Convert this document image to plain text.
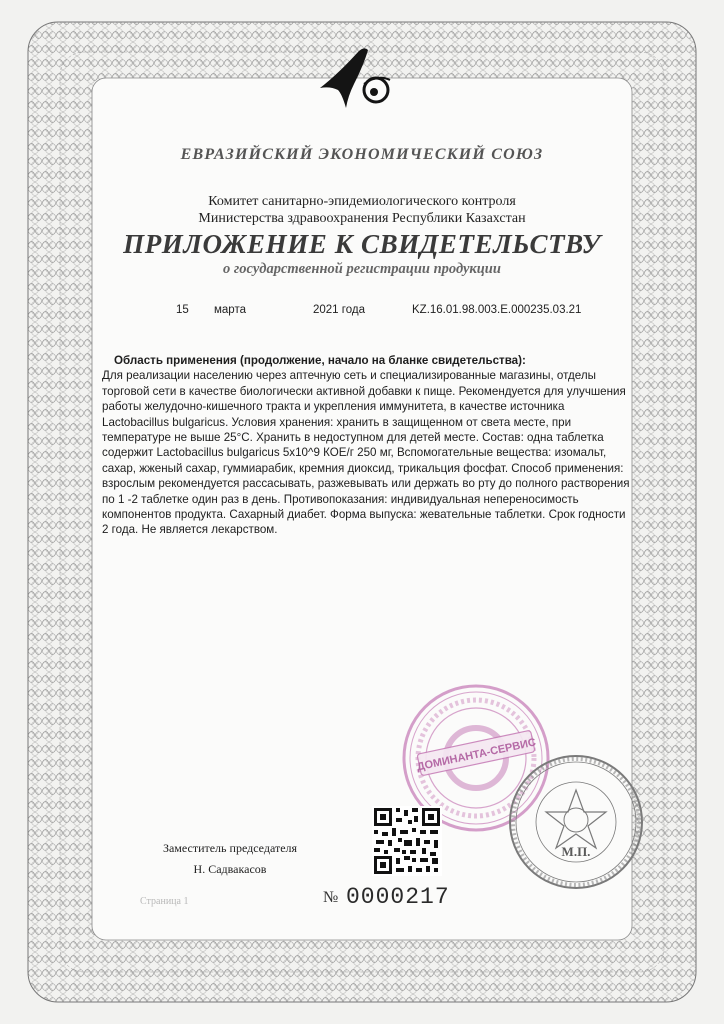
ЕВРАЗИЙСКИЙ ЭКОНОМИЧЕСКИЙ СОЮЗ
Комитет санитарно-эпидемиологического контроля
Министерства здравоохранения Республики Казахстан
ПРИЛОЖЕНИЕ К СВИДЕТЕЛЬСТВУ
о государственной регистрации продукции
15 марта	2021 года	KZ.16.01.98.003.E.000235.03.21
Область применения (продолжение, начало на бланке свидетельства):
Для реализации населению через аптечную сеть и специализированные магазины, отделы
торговой сети в качестве биологически активной добавки к пище. Рекомендуется для улучшения
работы желудочно-кишечного тракта и укрепления иммунитета, в качестве источника
Lactobacillus bulgaricus. Условия хранения: хранить в защищенном от света месте, при
температуре не выше 25°C. Хранить в недоступном для детей месте. Состав: одна таблетка
содержит Lactobacillus bulgaricus 5x10^9 КОЕ/г 250 мг, Вспомогательные вещества: изомальт,
сахар, жженый сахар, гуммиарабик, кремния диоксид, трикальция фосфат. Способ применения:
взрослым рекомендуется рассасывать, разжевывать или держать во рту до полного растворения
по 1 -2 таблетке один раз в день. Противопоказания: индивидуальная непереносимость
компонентов продукта. Сахарный диабет. Форма выпуска: жевательные таблетки. Срок годности
2 года. Не является лекарством.
ДОМИНАНТА-СЕРВИС
М.П.
Заместитель председателя
Н. Садвакасов
Страница 1	№ 0000217
